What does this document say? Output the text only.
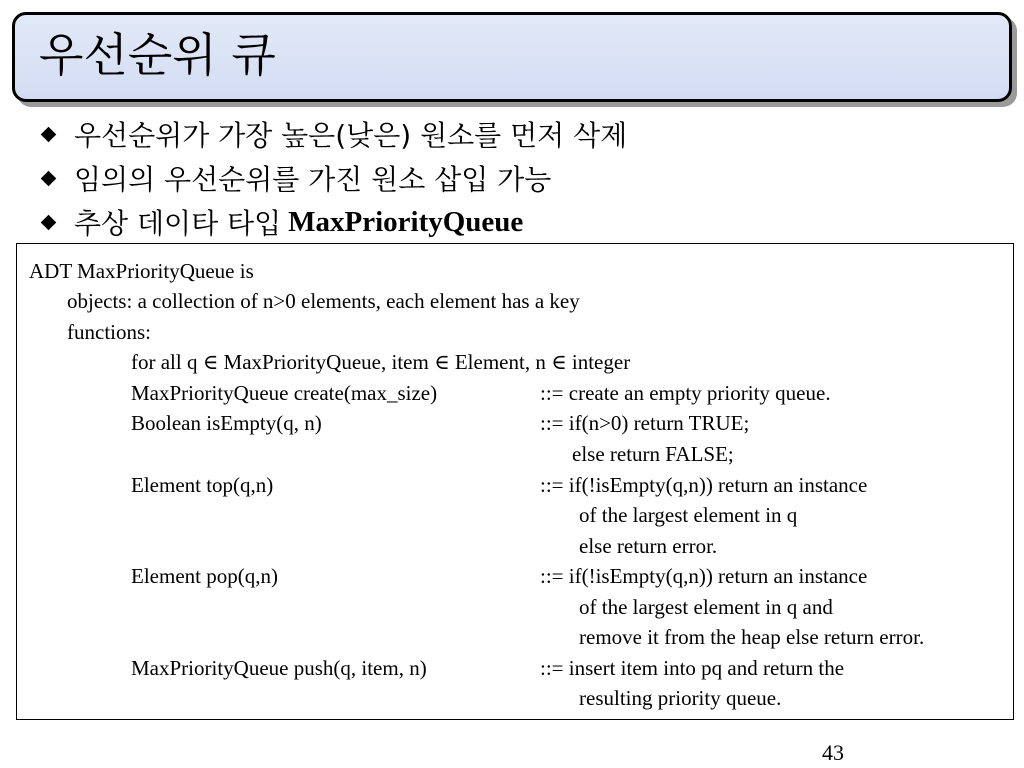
우선순위 큐
우선순위가 가장 높은(낮은) 원소를 먼저 삭제
임의의 우선순위를 가진 원소 삽입 가능
추상 데이타 타입 MaxPriorityQueue
ADT MaxPriorityQueue is
objects: a collection of n>0 elements, each element has a key
functions:
for all q ∈ MaxPriorityQueue, item ∈ Element, n ∈ integer
MaxPriorityQueue create(max_size)	::= create an empty priority queue.
Boolean isEmpty(q, n)	::= if(n>0) return TRUE;
else return FALSE;
Element top(q,n)	::= if(!isEmpty(q,n)) return an instance
of the largest element in q
else return error.
Element pop(q,n)	::= if(!isEmpty(q,n)) return an instance
of the largest element in q and
remove it from the heap else return error.
MaxPriorityQueue push(q, item, n)	::= insert item into pq and return the
resulting priority queue.
43
